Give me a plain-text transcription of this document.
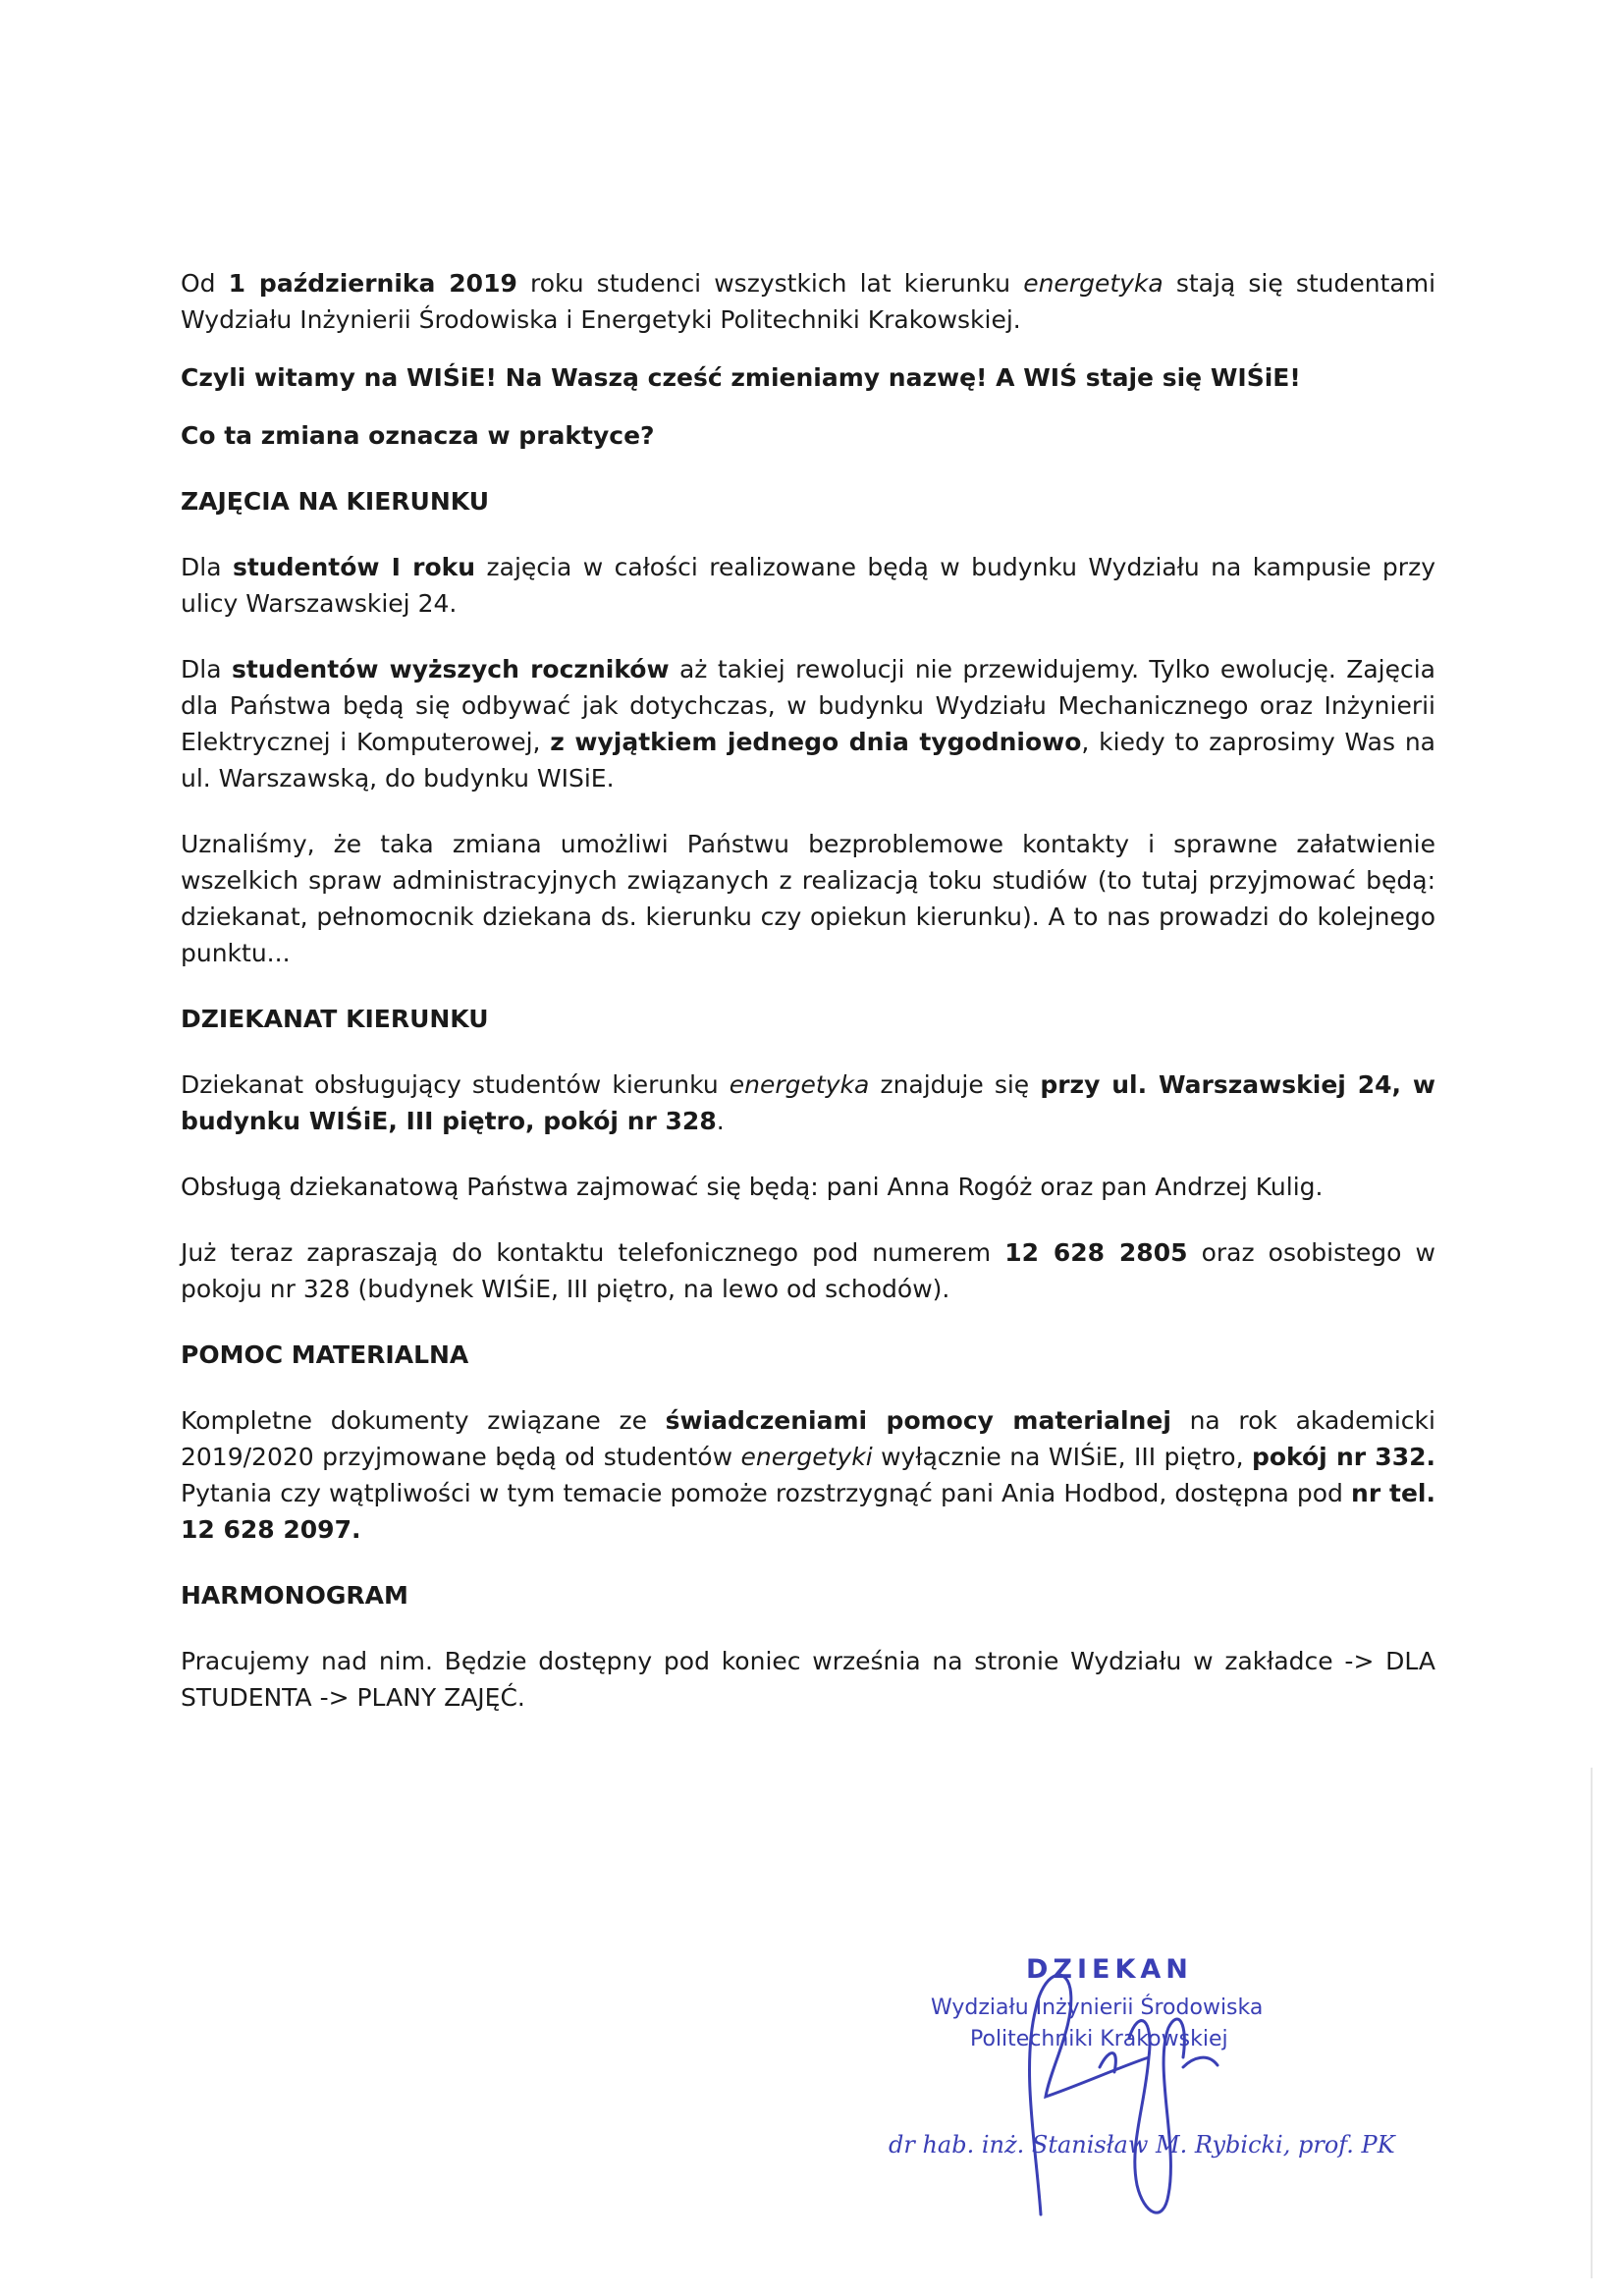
Od 1 października 2019 roku studenci wszystkich lat kierunku energetyka stają się studentami Wydziału Inżynierii Środowiska i Energetyki Politechniki Krakowskiej.

Czyli witamy na WIŚiE! Na Waszą cześć zmieniamy nazwę! A WIŚ staje się WIŚiE!

Co ta zmiana oznacza w praktyce?

ZAJĘCIA NA KIERUNKU

Dla studentów I roku zajęcia w całości realizowane będą w budynku Wydziału na kampusie przy ulicy Warszawskiej 24.

Dla studentów wyższych roczników aż takiej rewolucji nie przewidujemy. Tylko ewolucję. Zajęcia dla Państwa będą się odbywać jak dotychczas, w budynku Wydziału Mechanicznego oraz Inżynierii Elektrycznej i Komputerowej, z wyjątkiem jednego dnia tygodniowo, kiedy to zaprosimy Was na ul. Warszawską, do budynku WISiE.

Uznaliśmy, że taka zmiana umożliwi Państwu bezproblemowe kontakty i sprawne załatwienie wszelkich spraw administracyjnych związanych z realizacją toku studiów (to tutaj przyjmować będą: dziekanat, pełnomocnik dziekana ds. kierunku czy opiekun kierunku). A to nas prowadzi do kolejnego punktu...

DZIEKANAT KIERUNKU

Dziekanat obsługujący studentów kierunku energetyka znajduje się przy ul. Warszawskiej 24, w budynku WIŚiE, III piętro, pokój nr 328.

Obsługą dziekanatową Państwa zajmować się będą: pani Anna Rogóż oraz pan Andrzej Kulig.

Już teraz zapraszają do kontaktu telefonicznego pod numerem 12 628 2805 oraz osobistego w pokoju nr 328 (budynek WIŚiE, III piętro, na lewo od schodów).

POMOC MATERIALNA

Kompletne dokumenty związane ze świadczeniami pomocy materialnej na rok akademicki 2019/2020 przyjmowane będą od studentów energetyki wyłącznie na WIŚiE, III piętro, pokój nr 332. Pytania czy wątpliwości w tym temacie pomoże rozstrzygnąć pani Ania Hodbod, dostępna pod nr tel. 12 628 2097.

HARMONOGRAM

Pracujemy nad nim. Będzie dostępny pod koniec września na stronie Wydziału w zakładce -> DLA STUDENTA -> PLANY ZAJĘĆ.

DZIEKAN
Wydziału Inżynierii Środowiska
Politechniki Krakowskiej
dr hab. inż. Stanisław M. Rybicki, prof. PK
